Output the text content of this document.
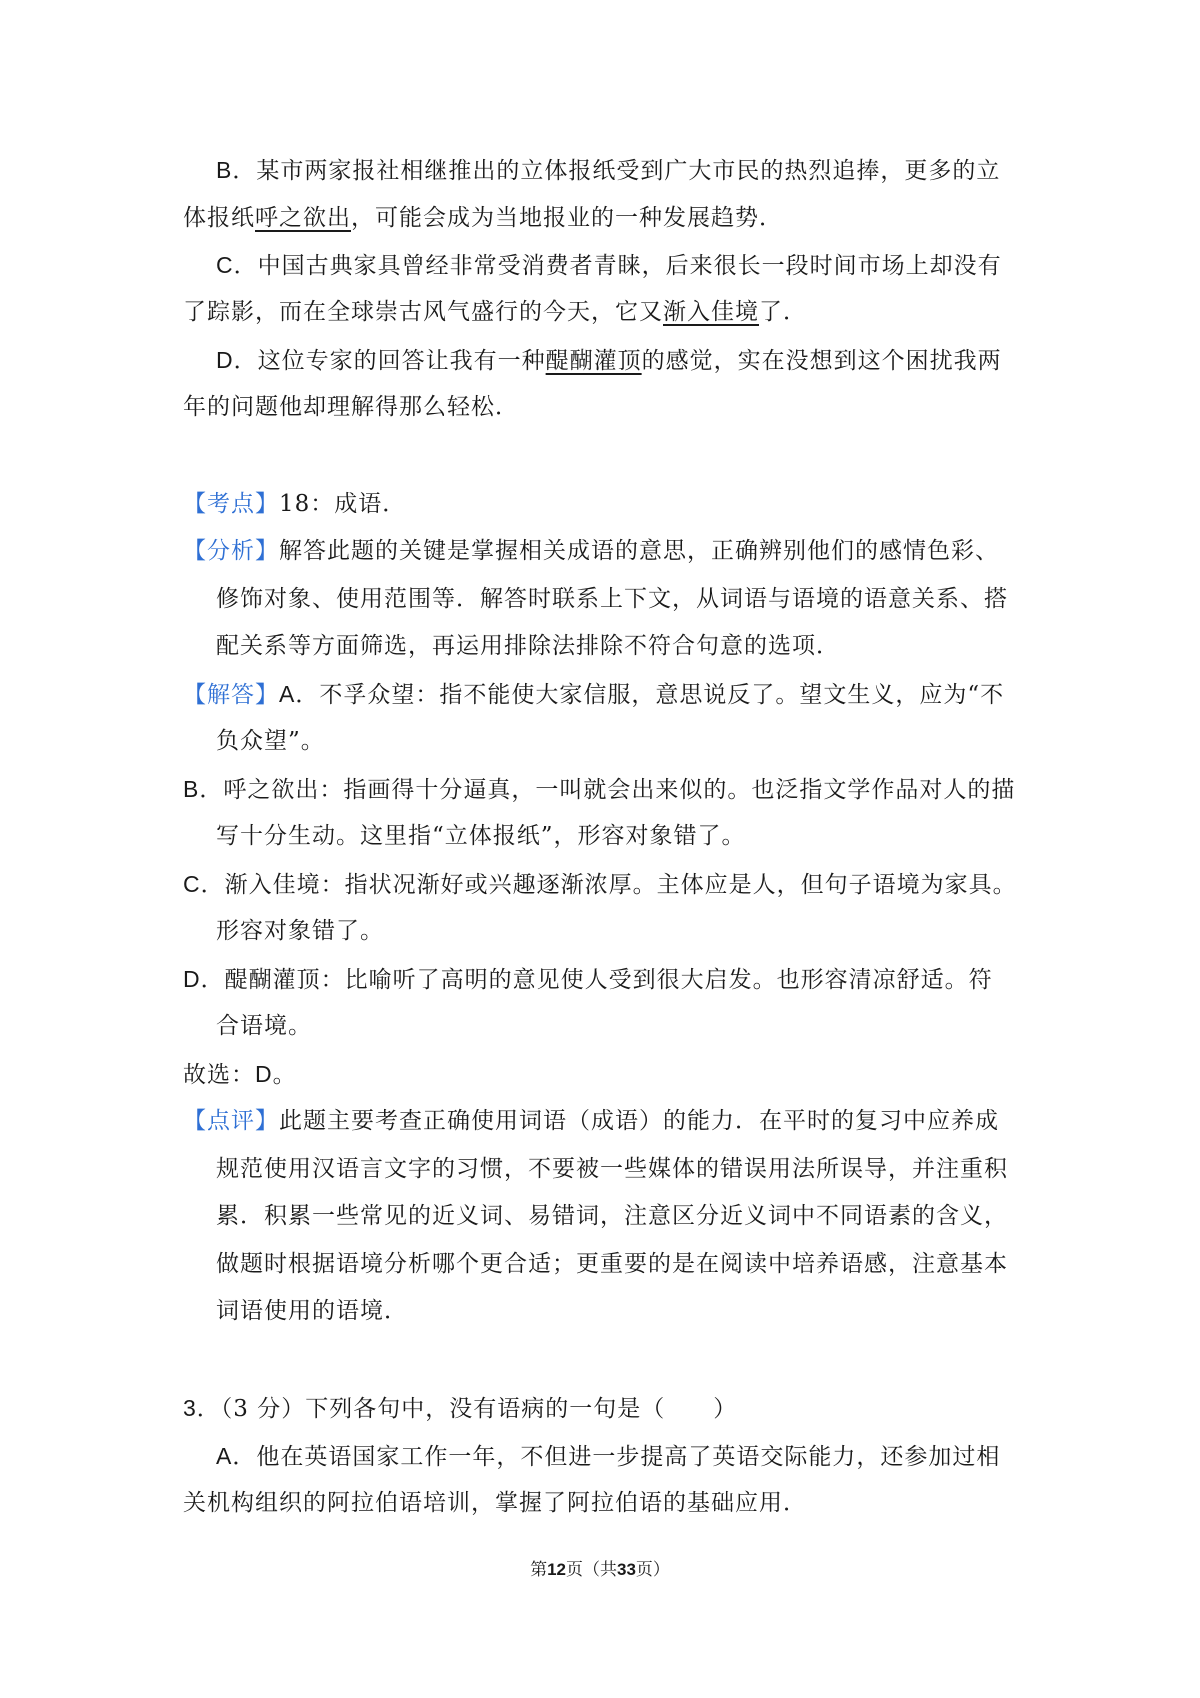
B．某市两家报社相继推出的立体报纸受到广大市民的热烈追捧，更多的立
体报纸呼之欲出，可能会成为当地报业的一种发展趋势．
C．中国古典家具曾经非常受消费者青睐，后来很长一段时间市场上却没有
了踪影，而在全球崇古风气盛行的今天，它又渐入佳境了．
D．这位专家的回答让我有一种醍醐灌顶的感觉，实在没想到这个困扰我两
年的问题他却理解得那么轻松．
【考点】18：成语．
【分析】解答此题的关键是掌握相关成语的意思，正确辨别他们的感情色彩、
修饰对象、使用范围等．解答时联系上下文，从词语与语境的语意关系、搭
配关系等方面筛选，再运用排除法排除不符合句意的选项．
【解答】A．不孚众望：指不能使大家信服，意思说反了。望文生义，应为“不
负众望”。
B．呼之欲出：指画得十分逼真，一叫就会出来似的。也泛指文学作品对人的描
写十分生动。这里指“立体报纸”，形容对象错了。
C．渐入佳境：指状况渐好或兴趣逐渐浓厚。主体应是人，但句子语境为家具。
形容对象错了。
D．醍醐灌顶：比喻听了高明的意见使人受到很大启发。也形容清凉舒适。符
合语境。
故选：D。
【点评】此题主要考查正确使用词语（成语）的能力．在平时的复习中应养成
规范使用汉语言文字的习惯，不要被一些媒体的错误用法所误导，并注重积
累．积累一些常见的近义词、易错词，注意区分近义词中不同语素的含义，
做题时根据语境分析哪个更合适；更重要的是在阅读中培养语感，注意基本
词语使用的语境．
3．（3 分）下列各句中，没有语病的一句是（　　）
A．他在英语国家工作一年，不但进一步提高了英语交际能力，还参加过相
关机构组织的阿拉伯语培训，掌握了阿拉伯语的基础应用．
第12页（共33页）
